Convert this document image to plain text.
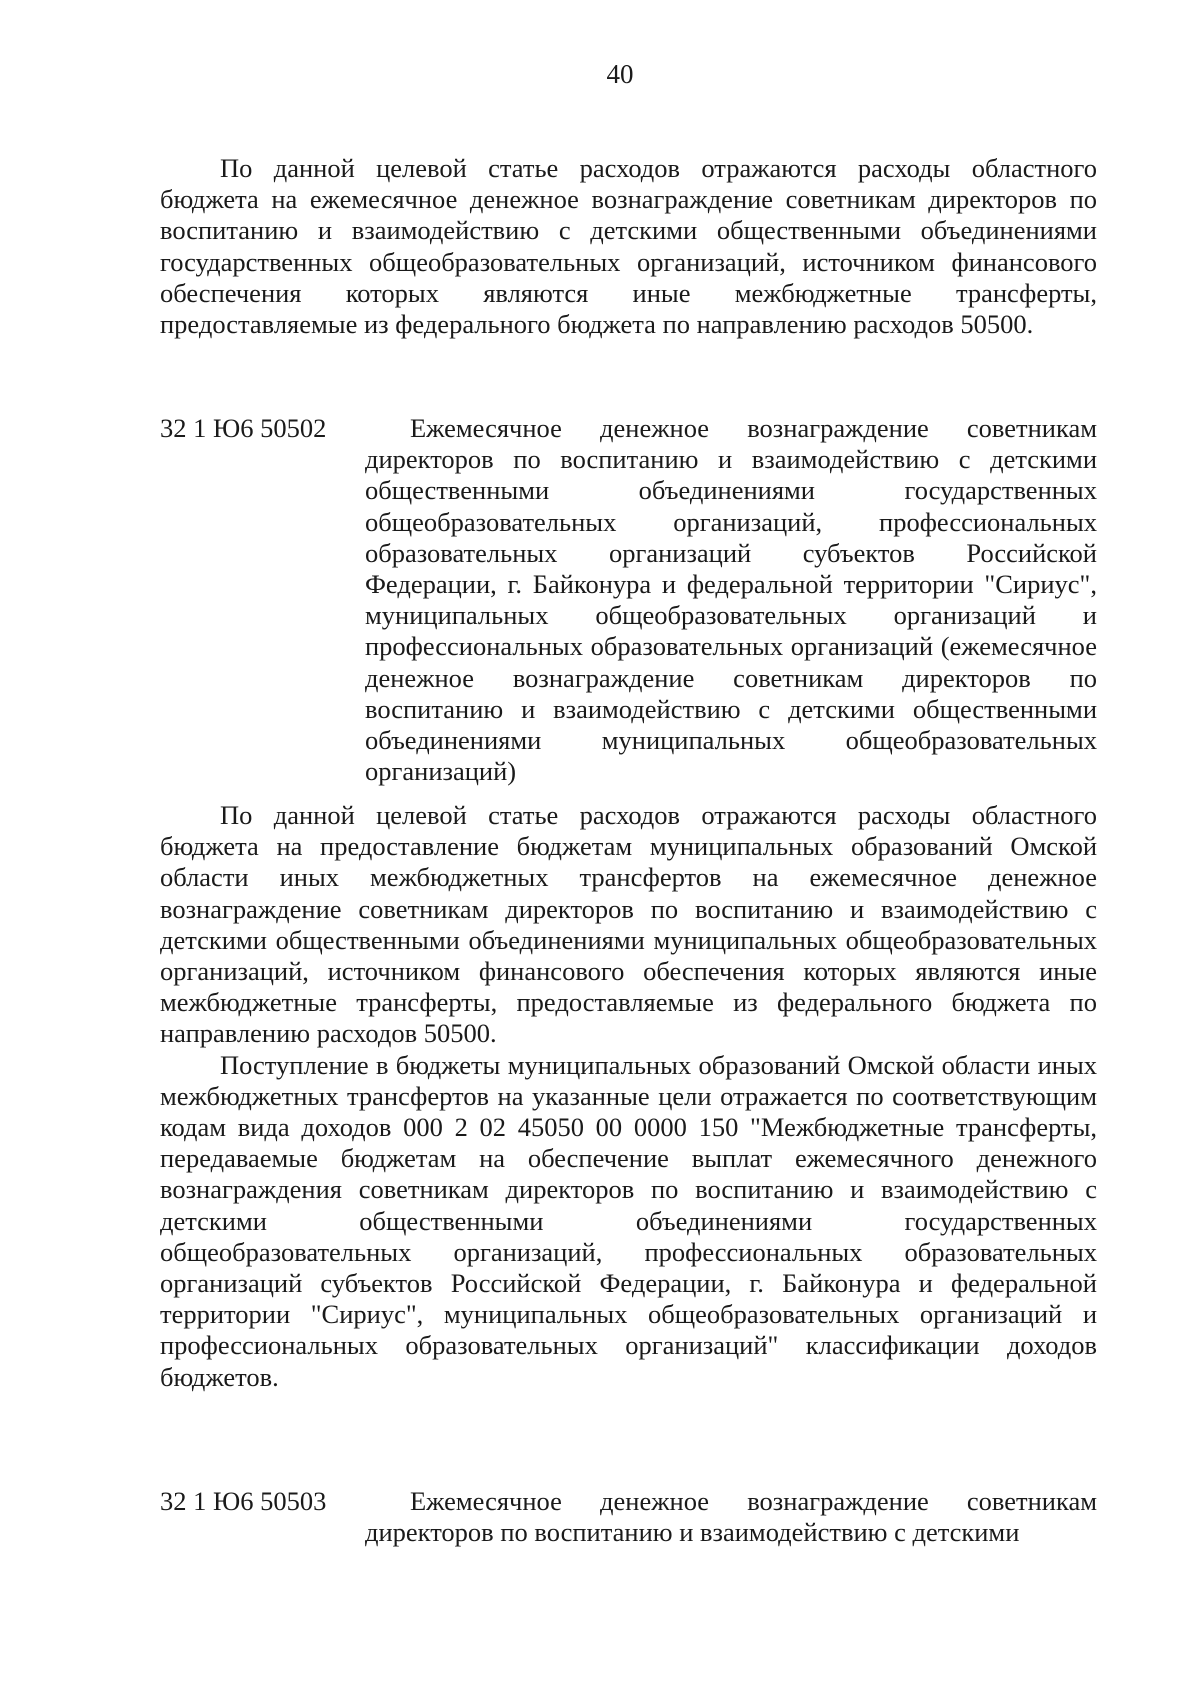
40

По данной целевой статье расходов отражаются расходы областного бюджета на ежемесячное денежное вознаграждение советникам директоров по воспитанию и взаимодействию с детскими общественными объединениями государственных общеобразовательных организаций, источником финансового обеспечения которых являются иные межбюджетные трансферты, предоставляемые из федерального бюджета по направлению расходов 50500.

32 1 Ю6 50502	Ежемесячное денежное вознаграждение советникам директоров по воспитанию и взаимодействию с детскими общественными объединениями государственных общеобразовательных организаций, профессиональных образовательных организаций субъектов Российской Федерации, г. Байконура и федеральной территории "Сириус", муниципальных общеобразовательных организаций и профессиональных образовательных организаций (ежемесячное денежное вознаграждение советникам директоров по воспитанию и взаимодействию с детскими общественными объединениями муниципальных общеобразовательных организаций)

По данной целевой статье расходов отражаются расходы областного бюджета на предоставление бюджетам муниципальных образований Омской области иных межбюджетных трансфертов на ежемесячное денежное вознаграждение советникам директоров по воспитанию и взаимодействию с детскими общественными объединениями муниципальных общеобразовательных организаций, источником финансового обеспечения которых являются иные межбюджетные трансферты, предоставляемые из федерального бюджета по направлению расходов 50500.

Поступление в бюджеты муниципальных образований Омской области иных межбюджетных трансфертов на указанные цели отражается по соответствующим кодам вида доходов 000 2 02 45050 00 0000 150 "Межбюджетные трансферты, передаваемые бюджетам на обеспечение выплат ежемесячного денежного вознаграждения советникам директоров по воспитанию и взаимодействию с детскими общественными объединениями государственных общеобразовательных организаций, профессиональных образовательных организаций субъектов Российской Федерации, г. Байконура и федеральной территории "Сириус", муниципальных общеобразовательных организаций и профессиональных образовательных организаций" классификации доходов бюджетов.

32 1 Ю6 50503	Ежемесячное денежное вознаграждение советникам директоров по воспитанию и взаимодействию с детскими
